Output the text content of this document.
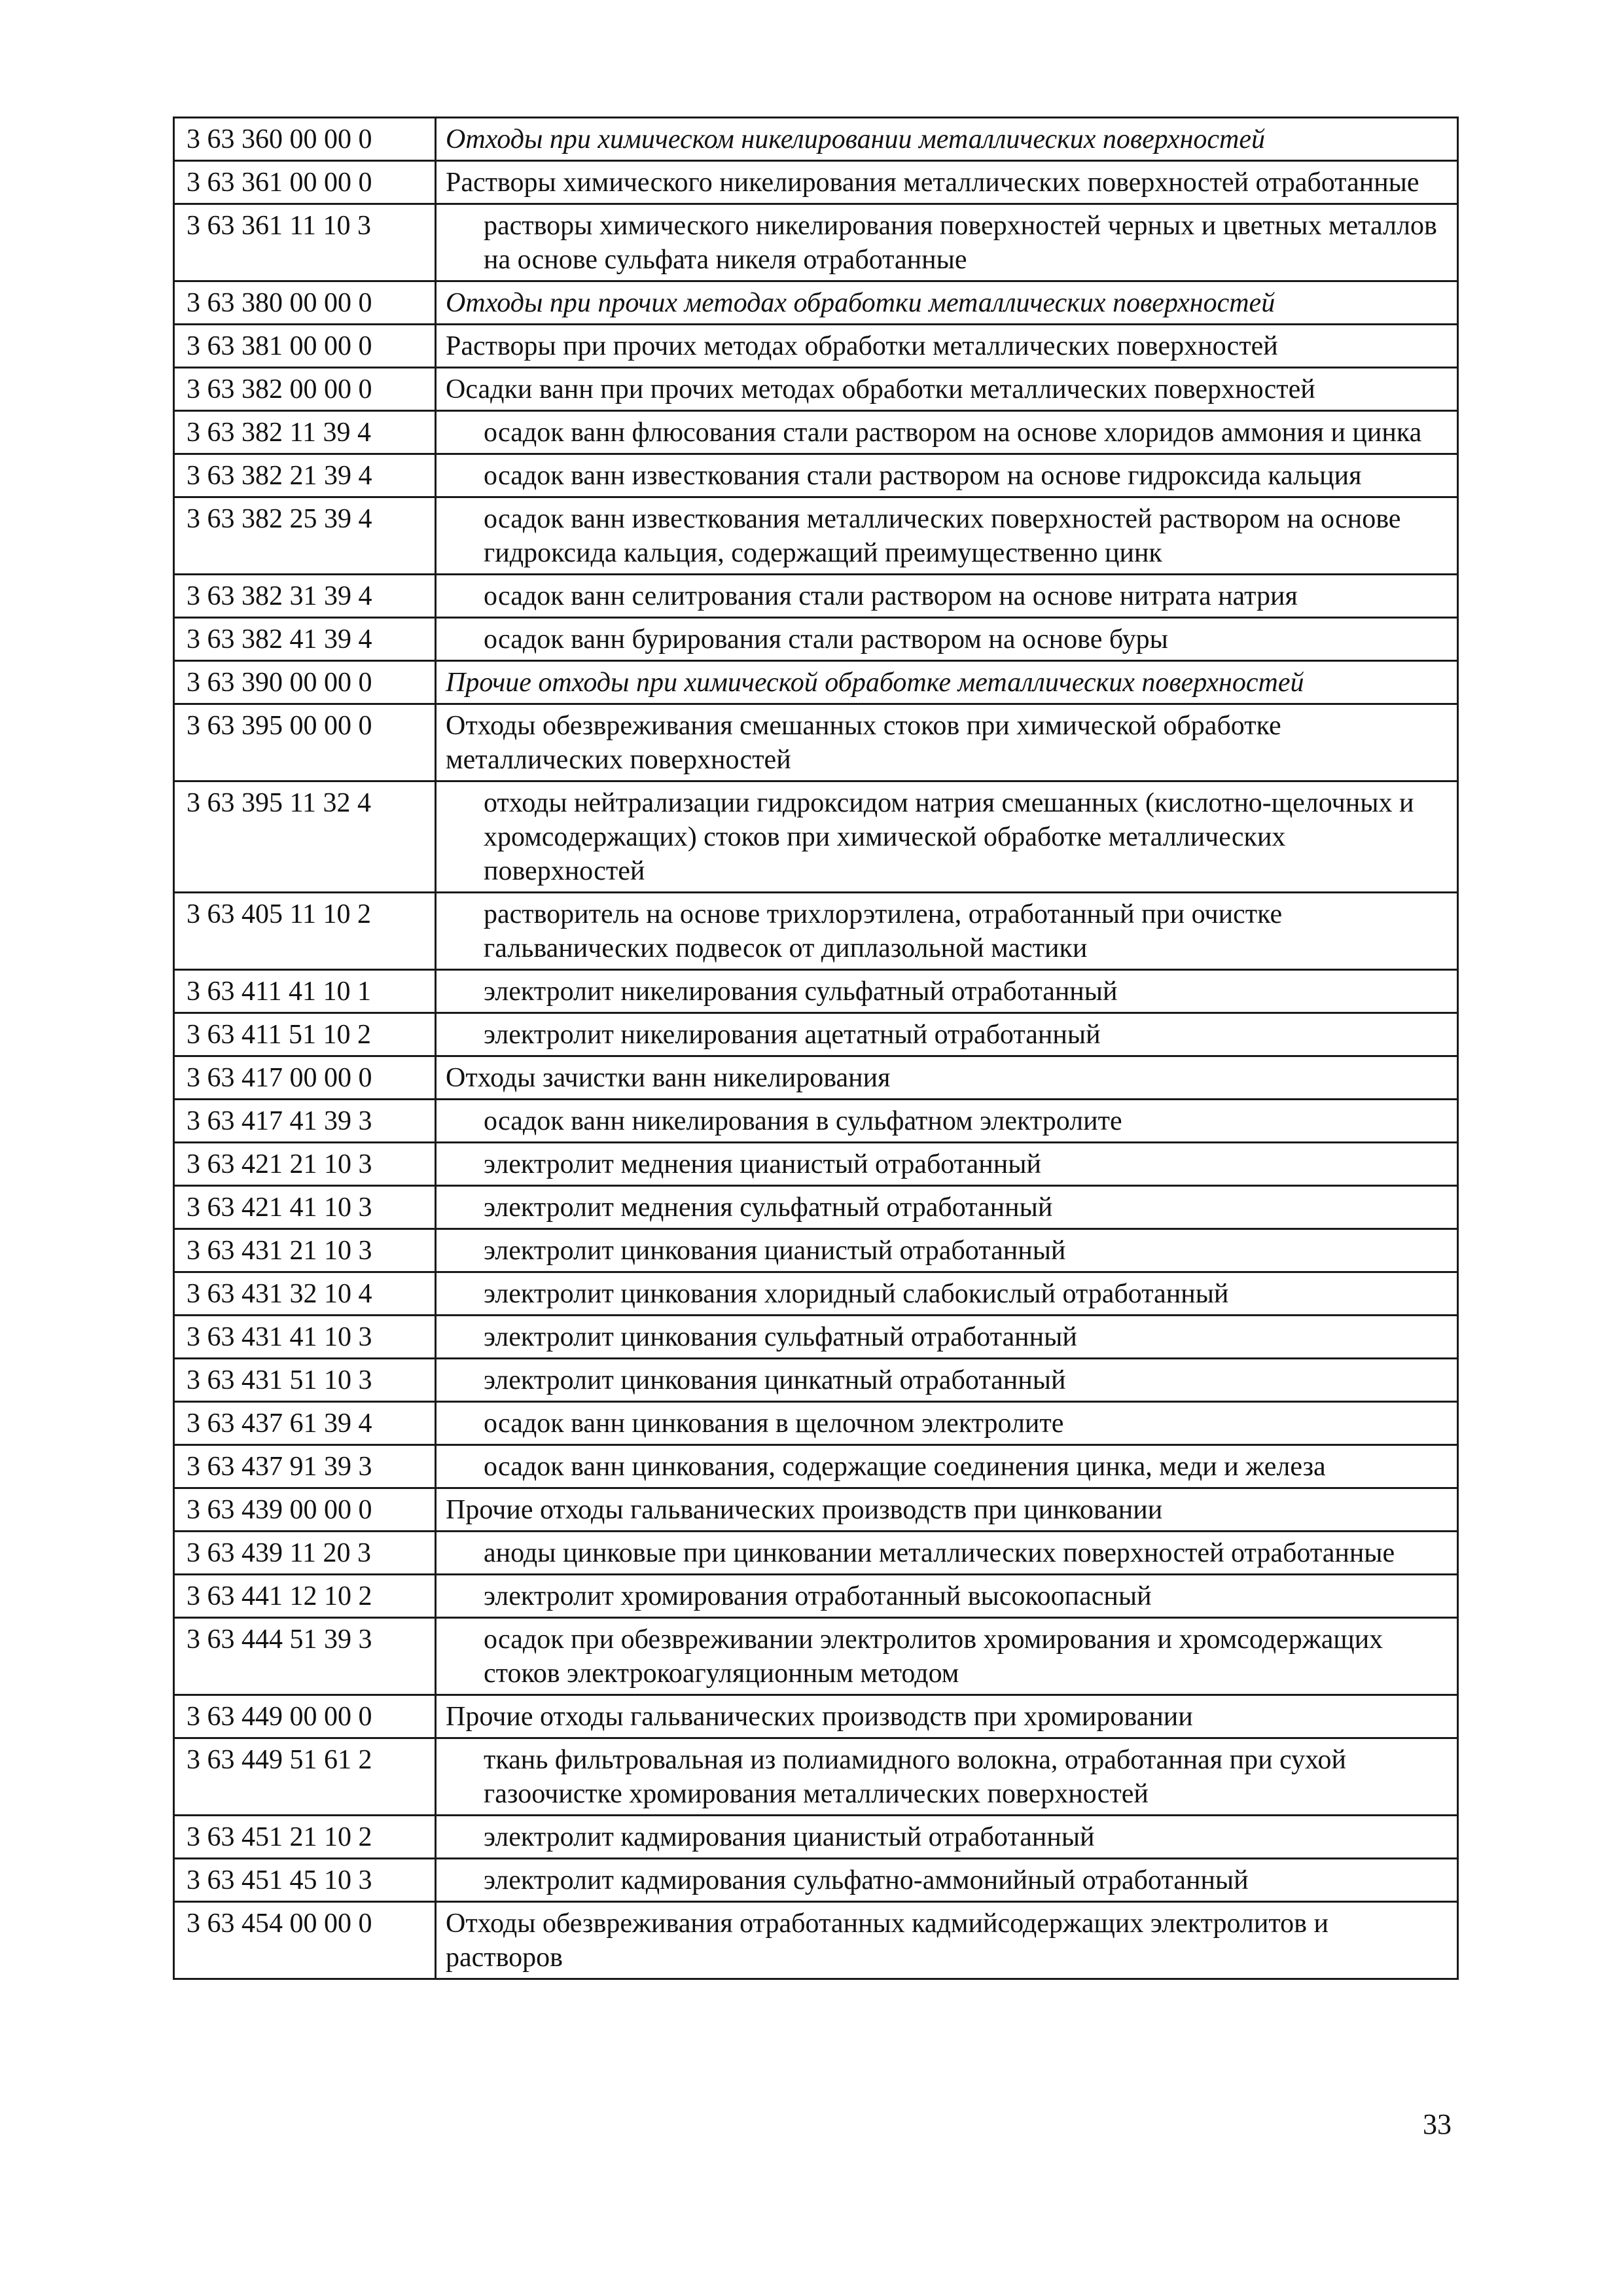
3 63 360 00 00 0	Отходы при химическом никелировании металлических поверхностей
3 63 361 00 00 0	Растворы химического никелирования металлических поверхностей отработанные
3 63 361 11 10 3	растворы химического никелирования поверхностей черных и цветных металлов на основе сульфата никеля отработанные
3 63 380 00 00 0	Отходы при прочих методах обработки металлических поверхностей
3 63 381 00 00 0	Растворы при прочих методах обработки металлических поверхностей
3 63 382 00 00 0	Осадки ванн при прочих методах обработки металлических поверхностей
3 63 382 11 39 4	осадок ванн флюсования стали раствором на основе хлоридов аммония и цинка
3 63 382 21 39 4	осадок ванн известкования стали раствором на основе гидроксида кальция
3 63 382 25 39 4	осадок ванн известкования металлических поверхностей раствором на основе гидроксида кальция, содержащий преимущественно цинк
3 63 382 31 39 4	осадок ванн селитрования стали раствором на основе нитрата натрия
3 63 382 41 39 4	осадок ванн бурирования стали раствором на основе буры
3 63 390 00 00 0	Прочие отходы при химической обработке металлических поверхностей
3 63 395 00 00 0	Отходы обезвреживания смешанных стоков при химической обработке металлических поверхностей
3 63 395 11 32 4	отходы нейтрализации гидроксидом натрия смешанных (кислотно-щелочных и хромсодержащих) стоков при химической обработке металлических поверхностей
3 63 405 11 10 2	растворитель на основе трихлорэтилена, отработанный при очистке гальванических подвесок от диплазольной мастики
3 63 411 41 10 1	электролит никелирования сульфатный отработанный
3 63 411 51 10 2	электролит никелирования ацетатный отработанный
3 63 417 00 00 0	Отходы зачистки ванн никелирования
3 63 417 41 39 3	осадок ванн никелирования в сульфатном электролите
3 63 421 21 10 3	электролит меднения цианистый отработанный
3 63 421 41 10 3	электролит меднения сульфатный отработанный
3 63 431 21 10 3	электролит цинкования цианистый отработанный
3 63 431 32 10 4	электролит цинкования хлоридный слабокислый отработанный
3 63 431 41 10 3	электролит цинкования сульфатный отработанный
3 63 431 51 10 3	электролит цинкования цинкатный отработанный
3 63 437 61 39 4	осадок ванн цинкования в щелочном электролите
3 63 437 91 39 3	осадок ванн цинкования, содержащие соединения цинка, меди и железа
3 63 439 00 00 0	Прочие отходы гальванических производств при цинковании
3 63 439 11 20 3	аноды цинковые при цинковании металлических поверхностей отработанные
3 63 441 12 10 2	электролит хромирования отработанный высокоопасный
3 63 444 51 39 3	осадок при обезвреживании электролитов хромирования и хромсодержащих стоков электрокоагуляционным методом
3 63 449 00 00 0	Прочие отходы гальванических производств при хромировании
3 63 449 51 61 2	ткань фильтровальная из полиамидного волокна, отработанная при сухой газоочистке хромирования металлических поверхностей
3 63 451 21 10 2	электролит кадмирования цианистый отработанный
3 63 451 45 10 3	электролит кадмирования сульфатно-аммонийный отработанный
3 63 454 00 00 0	Отходы обезвреживания отработанных кадмийсодержащих электролитов и растворов
33
